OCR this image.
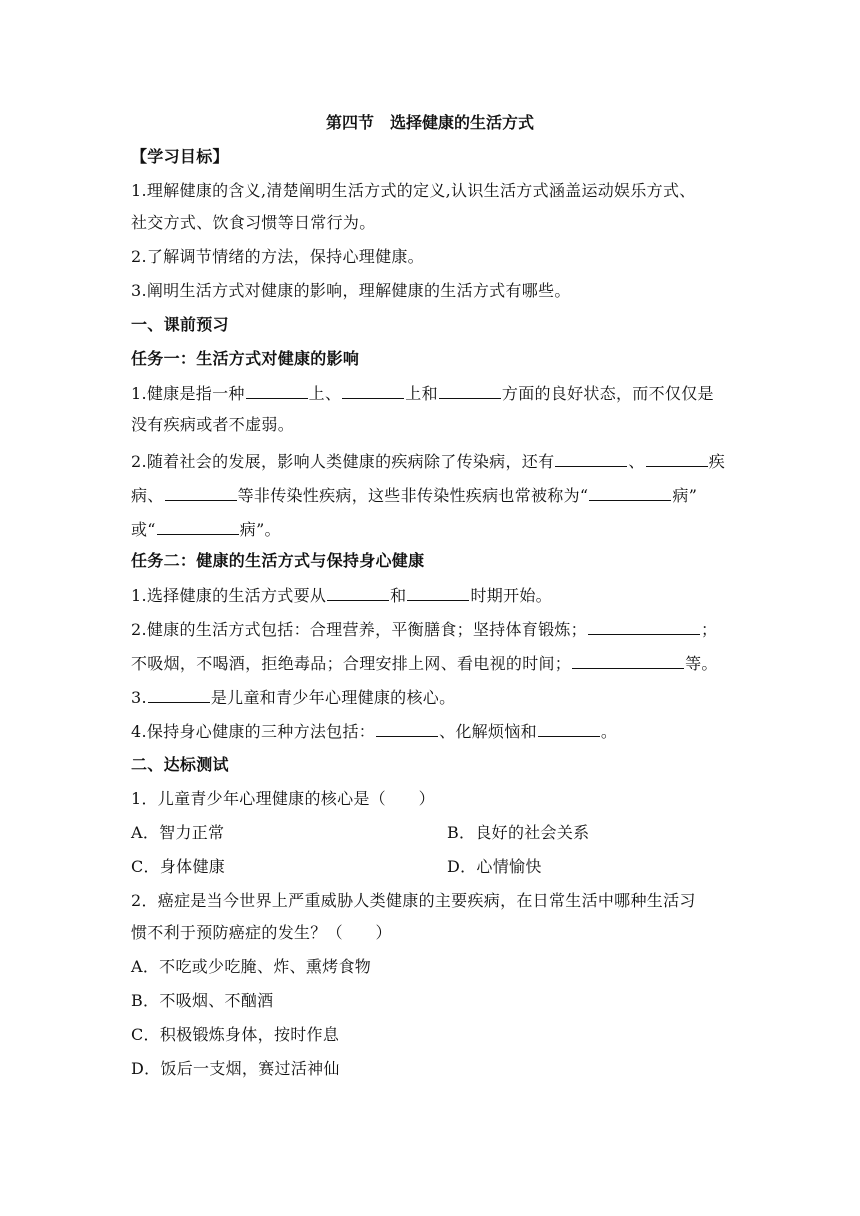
第四节　选择健康的生活方式
【学习目标】
1.理解健康的含义,清楚阐明生活方式的定义,认识生活方式涵盖运动娱乐方式、
社交方式、饮食习惯等日常行为。
2.了解调节情绪的方法，保持心理健康。
3.阐明生活方式对健康的影响，理解健康的生活方式有哪些。
一、课前预习
任务一：生活方式对健康的影响
1.健康是指一种	上、	上和	方面的良好状态，而不仅仅是
没有疾病或者不虚弱。
2.随着社会的发展，影响人类健康的疾病除了传染病，还有	、	疾
病、	等非传染性疾病，这些非传染性疾病也常被称为“	病”
或“	病”。
任务二：健康的生活方式与保持身心健康
1.选择健康的生活方式要从	和	时期开始。
2.健康的生活方式包括：合理营养，平衡膳食；坚持体育锻炼；	；
不吸烟，不喝酒，拒绝毒品；合理安排上网、看电视的时间；	等。
3.	是儿童和青少年心理健康的核心。
4.保持身心健康的三种方法包括：	、化解烦恼和	。
二、达标测试
1．儿童青少年心理健康的核心是（　　）
A．智力正常	B．良好的社会关系
C．身体健康	D．心情愉快
2．癌症是当今世界上严重威胁人类健康的主要疾病，在日常生活中哪种生活习
惯不利于预防癌症的发生？（　　）
A．不吃或少吃腌、炸、熏烤食物
B．不吸烟、不酗酒
C．积极锻炼身体，按时作息
D．饭后一支烟，赛过活神仙
